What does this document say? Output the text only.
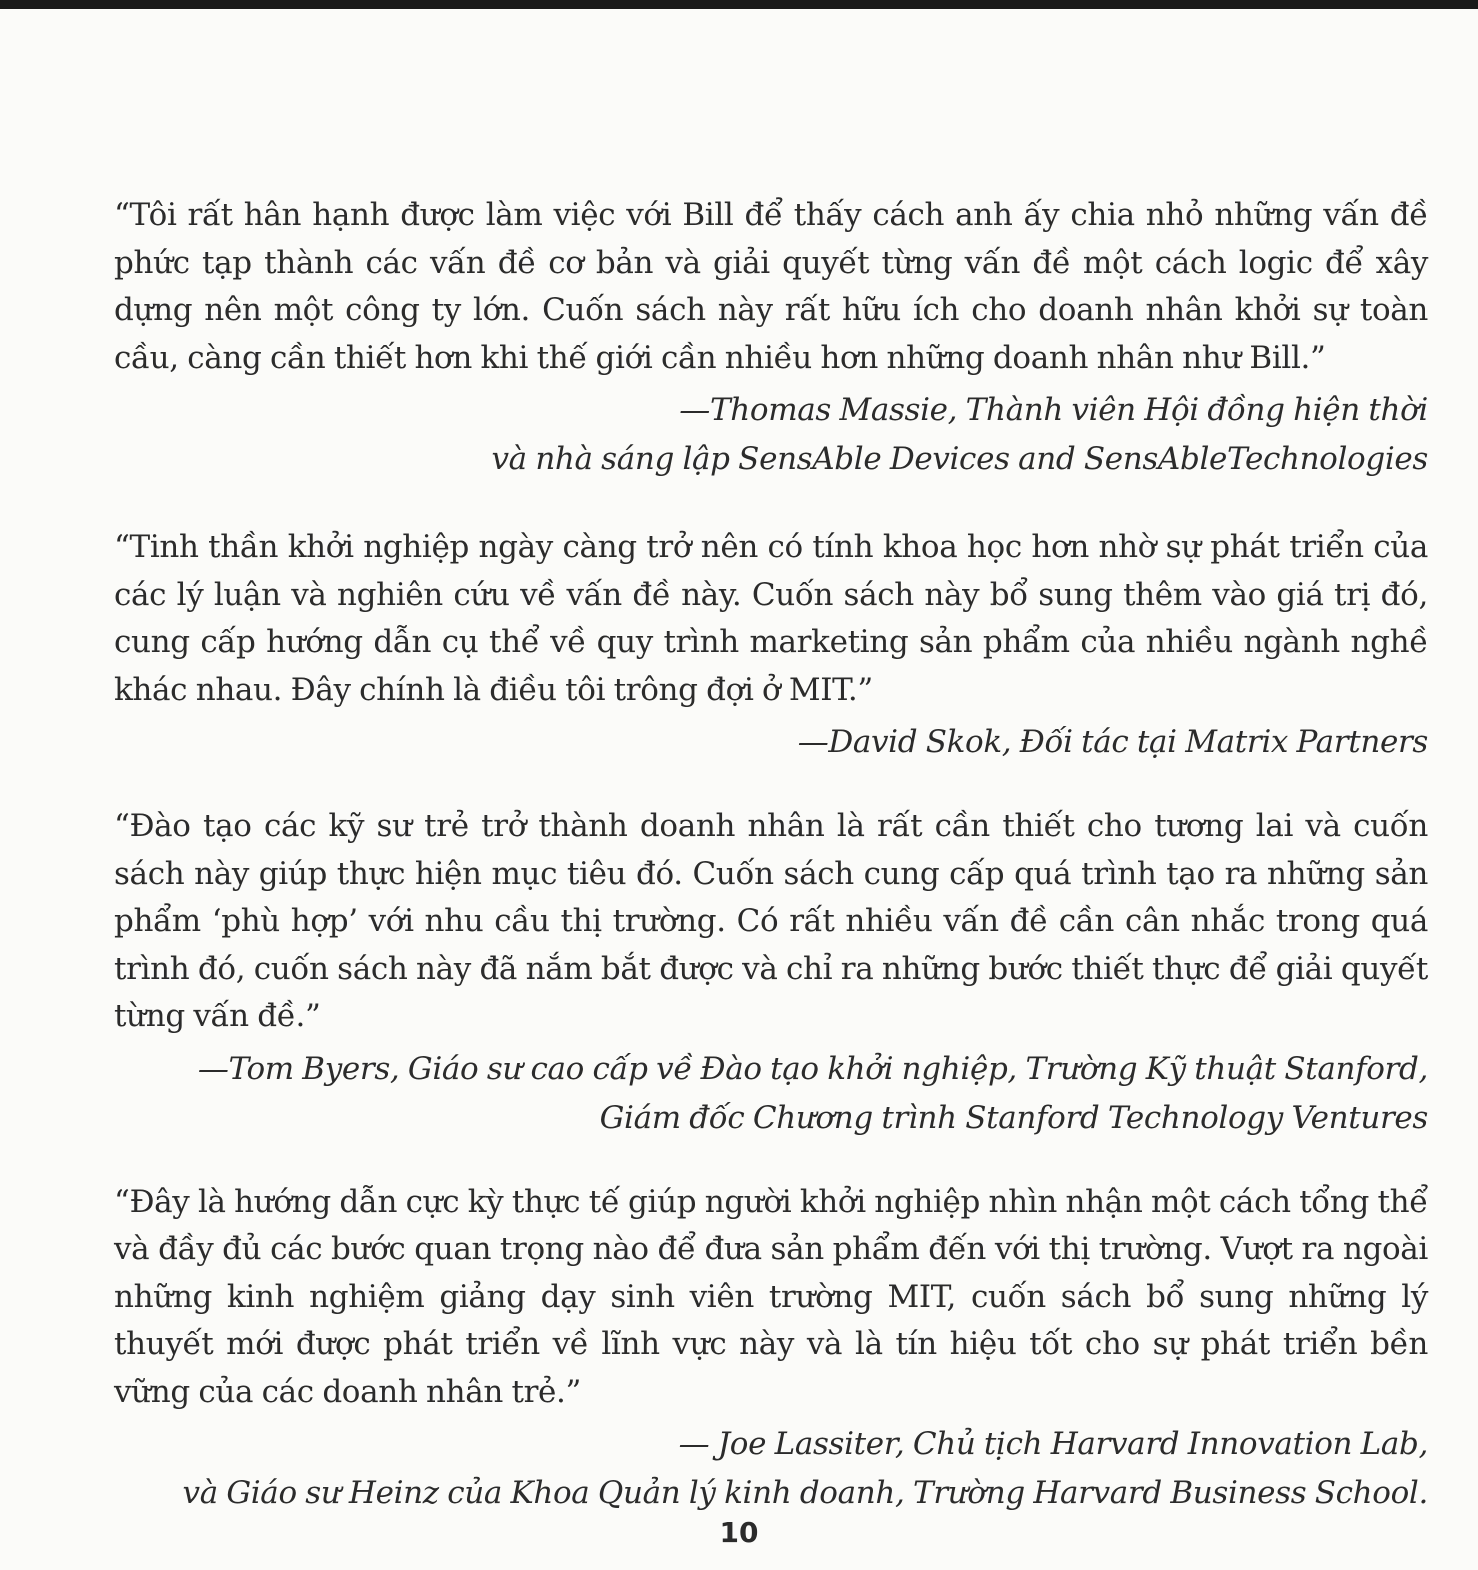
“Tôi rất hân hạnh được làm việc với Bill để thấy cách anh ấy chia nhỏ những vấn đề phức tạp thành các vấn đề cơ bản và giải quyết từng vấn đề một cách logic để xây dựng nên một công ty lớn. Cuốn sách này rất hữu ích cho doanh nhân khởi sự toàn cầu, càng cần thiết hơn khi thế giới cần nhiều hơn những doanh nhân như Bill.”

—Thomas Massie, Thành viên Hội đồng hiện thời
và nhà sáng lập SensAble Devices and SensAbleTechnologies

“Tinh thần khởi nghiệp ngày càng trở nên có tính khoa học hơn nhờ sự phát triển của các lý luận và nghiên cứu về vấn đề này. Cuốn sách này bổ sung thêm vào giá trị đó, cung cấp hướng dẫn cụ thể về quy trình marketing sản phẩm của nhiều ngành nghề khác nhau. Đây chính là điều tôi trông đợi ở MIT.”

—David Skok, Đối tác tại Matrix Partners

“Đào tạo các kỹ sư trẻ trở thành doanh nhân là rất cần thiết cho tương lai và cuốn sách này giúp thực hiện mục tiêu đó. Cuốn sách cung cấp quá trình tạo ra những sản phẩm ‘phù hợp’ với nhu cầu thị trường. Có rất nhiều vấn đề cần cân nhắc trong quá trình đó, cuốn sách này đã nắm bắt được và chỉ ra những bước thiết thực để giải quyết từng vấn đề.”

—Tom Byers, Giáo sư cao cấp về Đào tạo khởi nghiệp, Trường Kỹ thuật Stanford,
Giám đốc Chương trình Stanford Technology Ventures

“Đây là hướng dẫn cực kỳ thực tế giúp người khởi nghiệp nhìn nhận một cách tổng thể và đầy đủ các bước quan trọng nào để đưa sản phẩm đến với thị trường. Vượt ra ngoài những kinh nghiệm giảng dạy sinh viên trường MIT, cuốn sách bổ sung những lý thuyết mới được phát triển về lĩnh vực này và là tín hiệu tốt cho sự phát triển bền vững của các doanh nhân trẻ.”

— Joe Lassiter, Chủ tịch Harvard Innovation Lab,
và Giáo sư Heinz của Khoa Quản lý kinh doanh, Trường Harvard Business School.

10
